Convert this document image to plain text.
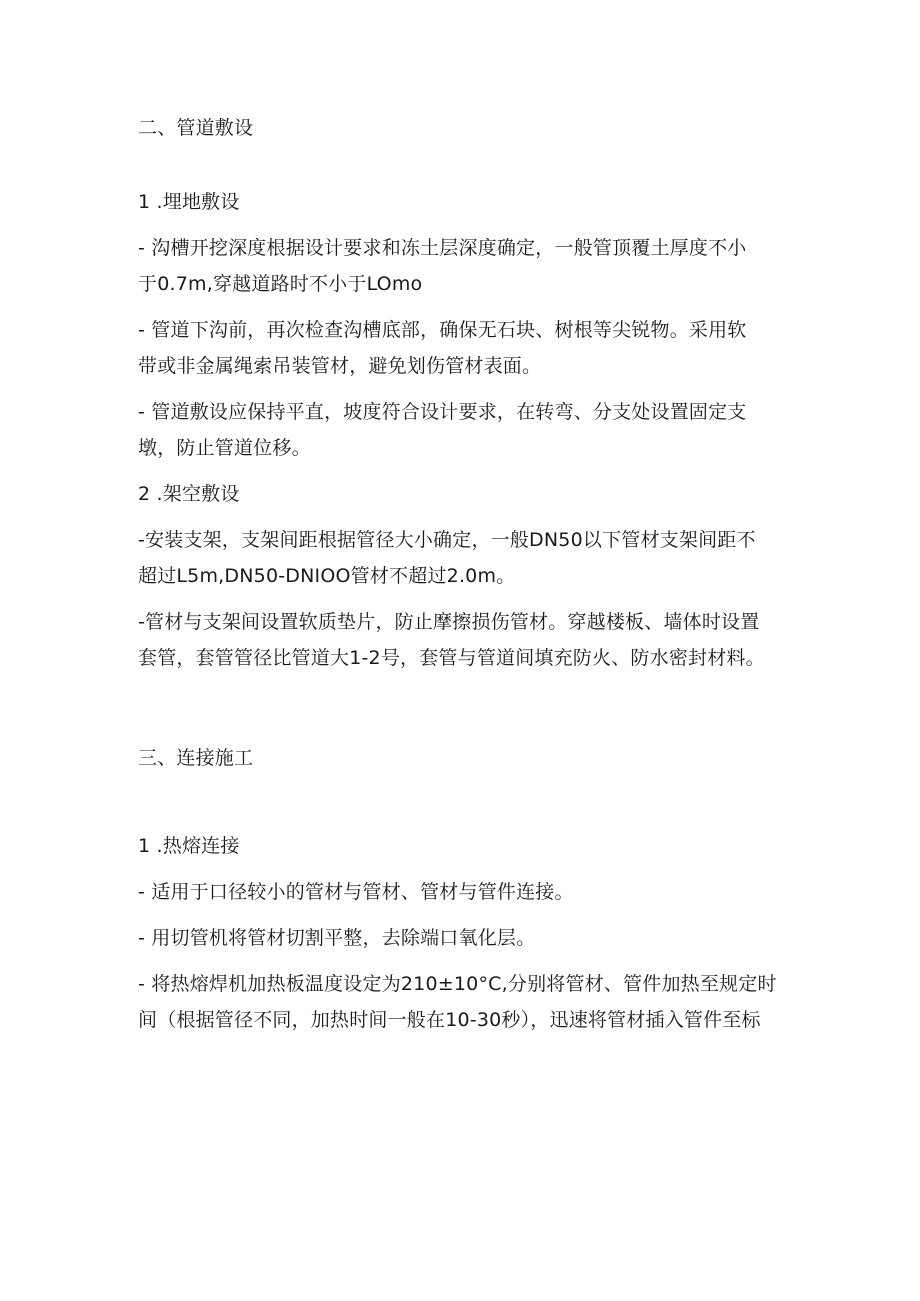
二、管道敷设
1 .埋地敷设
- 沟槽开挖深度根据设计要求和冻土层深度确定，一般管顶覆土厚度不小
于0.7m,穿越道路时不小于LOmo
- 管道下沟前，再次检查沟槽底部，确保无石块、树根等尖锐物。采用软
带或非金属绳索吊装管材，避免划伤管材表面。
- 管道敷设应保持平直，坡度符合设计要求，在转弯、分支处设置固定支
墩，防止管道位移。
2 .架空敷设
-安装支架，支架间距根据管径大小确定，一般DN50以下管材支架间距不
超过L5m,DN50-DNIOO管材不超过2.0m。
-管材与支架间设置软质垫片，防止摩擦损伤管材。穿越楼板、墙体时设置
套管，套管管径比管道大1-2号，套管与管道间填充防火、防水密封材料。
三、连接施工
1 .热熔连接
- 适用于口径较小的管材与管材、管材与管件连接。
- 用切管机将管材切割平整，去除端口氧化层。
- 将热熔焊机加热板温度设定为210±10°C,分别将管材、管件加热至规定时
间（根据管径不同，加热时间一般在10-30秒），迅速将管材插入管件至标
